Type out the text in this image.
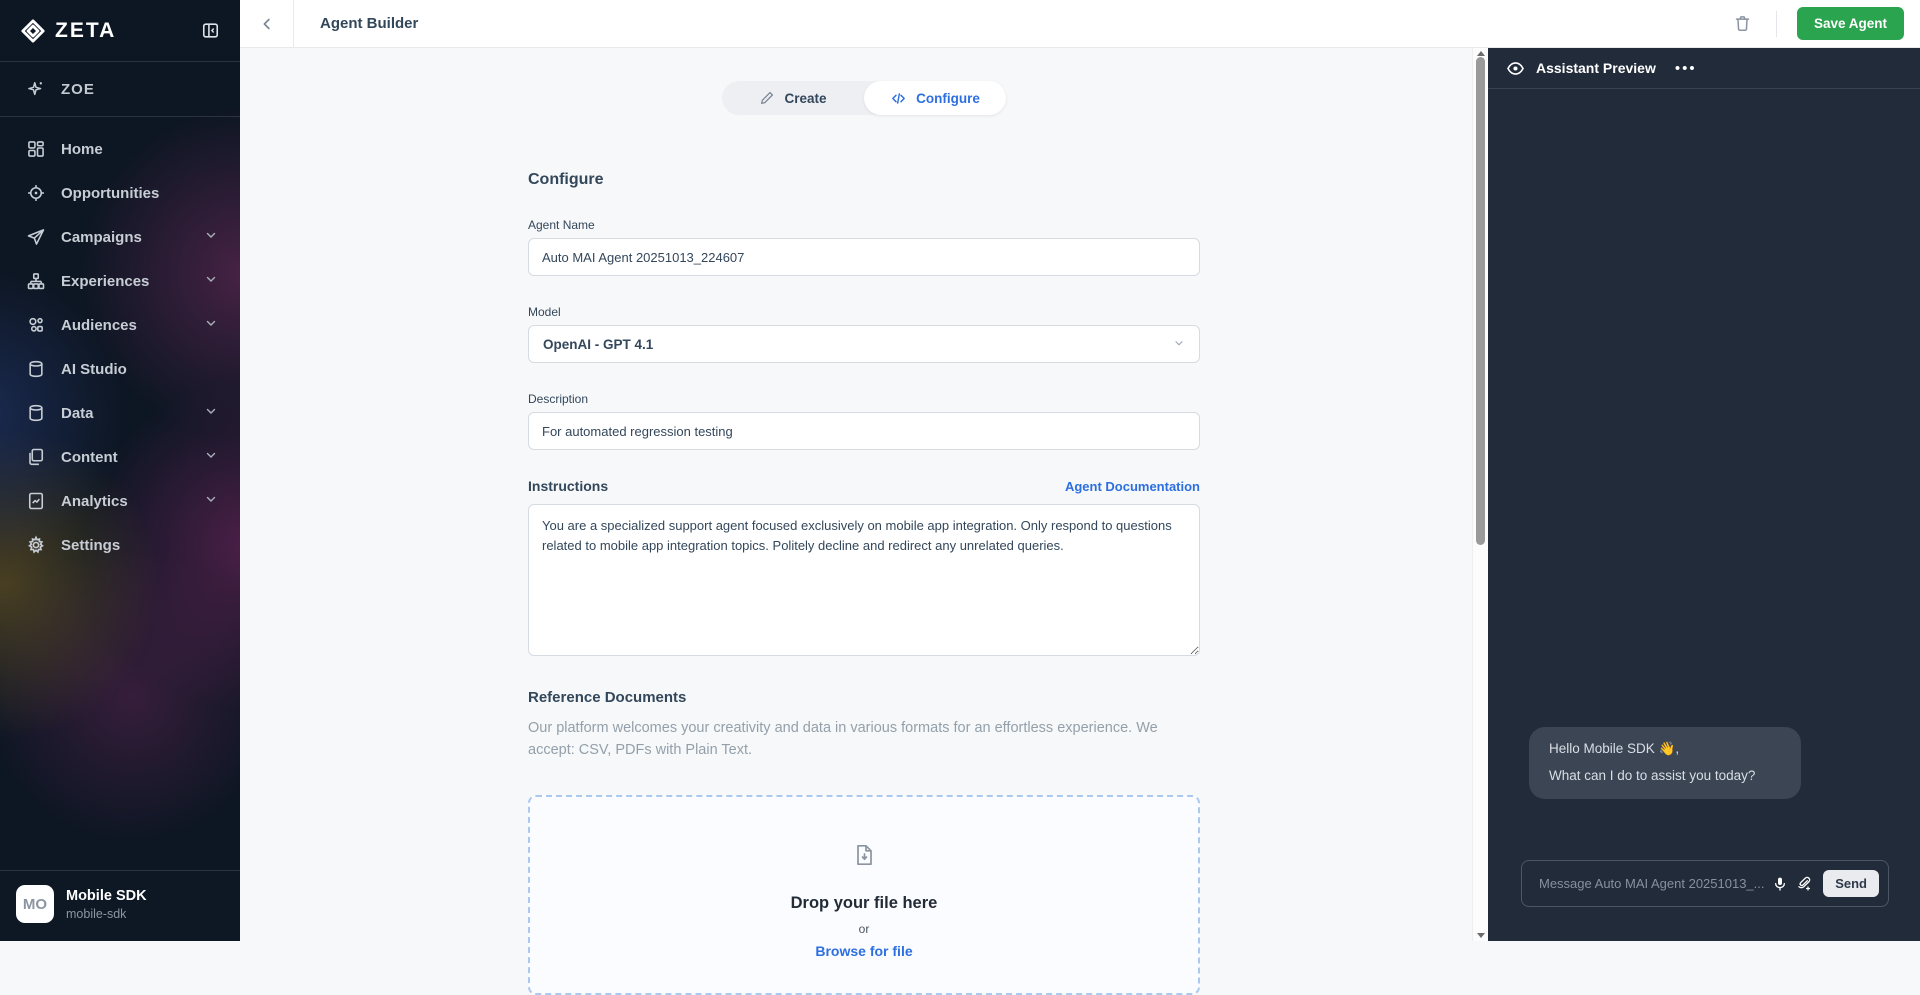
ZETA
ZOE
Home
Opportunities
Campaigns
Experiences
Audiences
AI Studio
Data
Content
Analytics
Settings
MO	Mobile SDK
mobile-sdk
Agent Builder	Save Agent
Create	Configure
Configure
Agent Name
Auto MAI Agent 20251013_224607
Model
OpenAI - GPT 4.1
Description
For automated regression testing
Instructions	Agent Documentation
You are a specialized support agent focused exclusively on mobile app integration. Only respond to questions related to mobile app integration topics. Politely decline and redirect any unrelated queries.
Reference Documents

Our platform welcomes your creativity and data in various formats for an effortless experience. We accept: CSV, PDFs with Plain Text.

Drop your file here
or
Browse for file
Assistant Preview •••
Hello Mobile SDK 👋,
What can I do to assist you today?
Message Auto MAI Agent 20251013_...
Send
